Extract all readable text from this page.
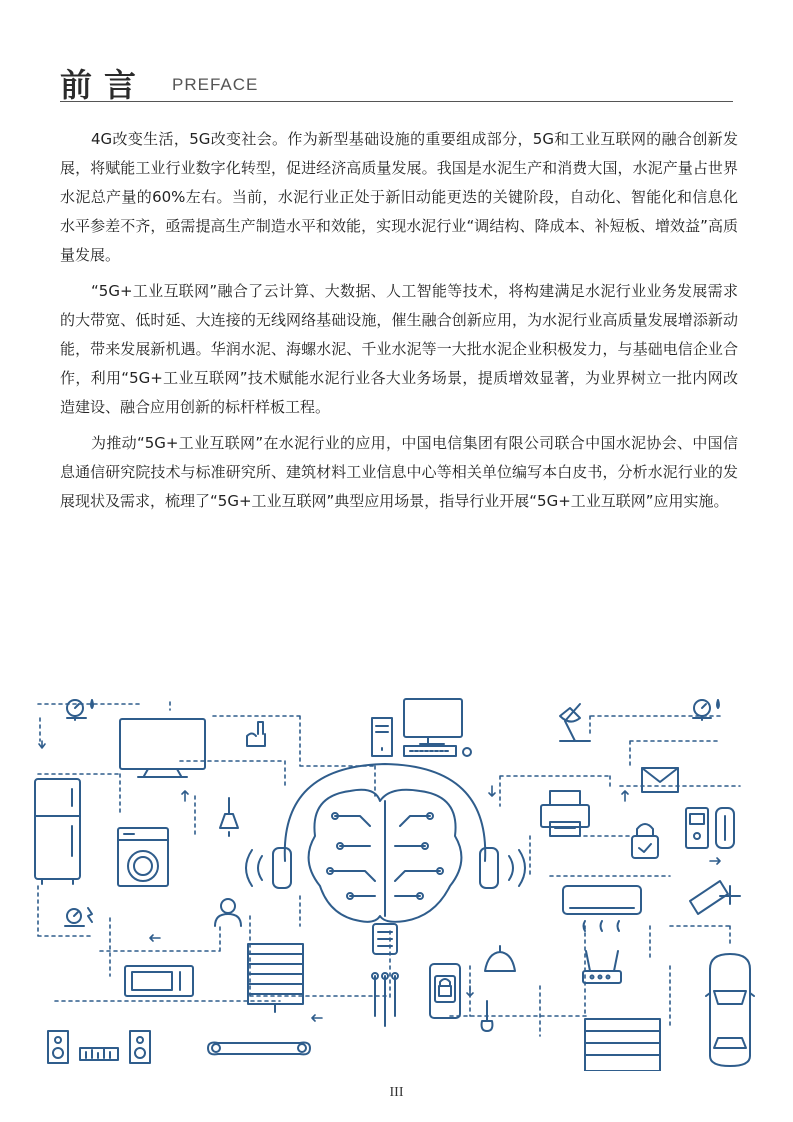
前言 PREFACE

4G改变生活，5G改变社会。作为新型基础设施的重要组成部分，5G和工业互联网的融合创新发展，将赋能工业行业数字化转型，促进经济高质量发展。我国是水泥生产和消费大国，水泥产量占世界水泥总产量的60%左右。当前，水泥行业正处于新旧动能更迭的关键阶段，自动化、智能化和信息化水平参差不齐，亟需提高生产制造水平和效能，实现水泥行业“调结构、降成本、补短板、增效益”高质量发展。

“5G+工业互联网”融合了云计算、大数据、人工智能等技术，将构建满足水泥行业业务发展需求的大带宽、低时延、大连接的无线网络基础设施，催生融合创新应用，为水泥行业高质量发展增添新动能，带来发展新机遇。华润水泥、海螺水泥、千业水泥等一大批水泥企业积极发力，与基础电信企业合作，利用“5G+工业互联网”技术赋能水泥行业各大业务场景，提质增效显著，为业界树立一批内网改造建设、融合应用创新的标杆样板工程。

为推动“5G+工业互联网”在水泥行业的应用，中国电信集团有限公司联合中国水泥协会、中国信息通信研究院技术与标准研究所、建筑材料工业信息中心等相关单位编写本白皮书，分析水泥行业的发展现状及需求，梳理了“5G+工业互联网”典型应用场景，指导行业开展“5G+工业互联网”应用实施。

III
